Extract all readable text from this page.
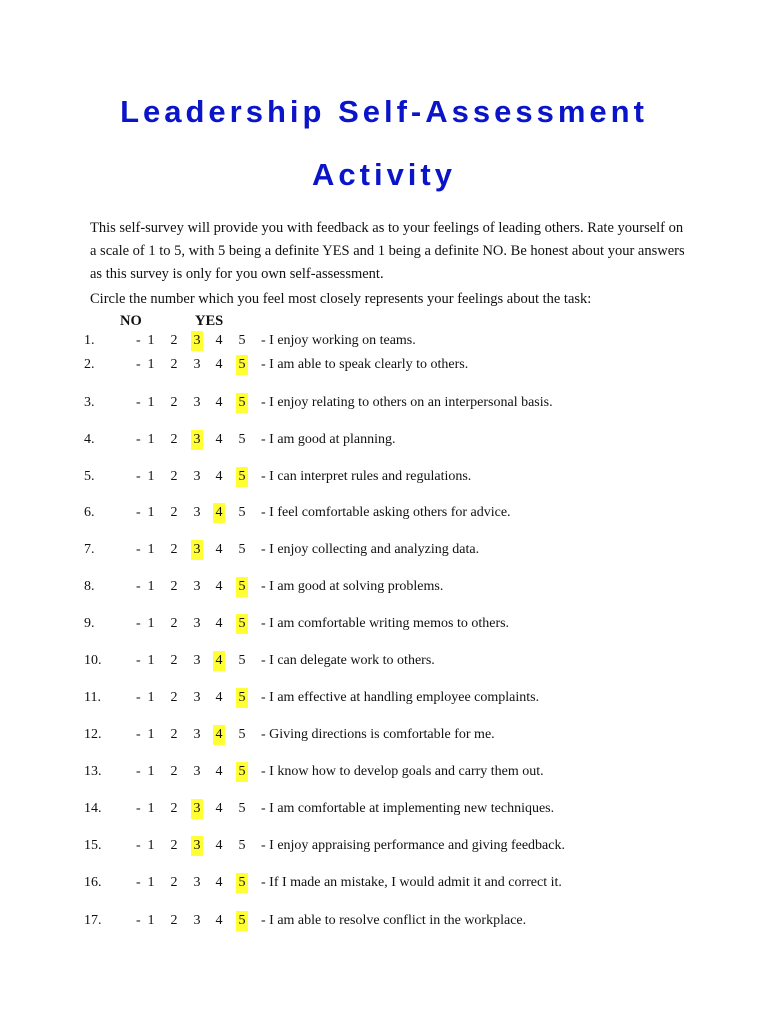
Leadership Self-Assessment
Activity

This self-survey will provide you with feedback as to your feelings of leading others. Rate yourself on a scale of 1 to 5, with 5 being a definite YES and 1 being a definite NO. Be honest about your answers as this survey is only for you own self-assessment.

Circle the number which you feel most closely represents your feelings about the task:

NO	YES
1.	- 1 2 3 4 5 - I enjoy working on teams.
2.	- 1 2 3 4 5 - I am able to speak clearly to others.
3.	- 1 2 3 4 5 - I enjoy relating to others on an interpersonal basis.
4.	- 1 2 3 4 5 - I am good at planning.
5.	- 1 2 3 4 5 - I can interpret rules and regulations.
6.	- 1 2 3 4 5 - I feel comfortable asking others for advice.
7.	- 1 2 3 4 5 - I enjoy collecting and analyzing data.
8.	- 1 2 3 4 5 - I am good at solving problems.
9.	- 1 2 3 4 5 - I am comfortable writing memos to others.
10. - 1 2 3 4 5 - I can delegate work to others.
11.	- 1 2 3 4 5 - I am effective at handling employee complaints.
12. - 1 2 3 4 5 - Giving directions is comfortable for me.
13. - 1 2 3 4 5 - I know how to develop goals and carry them out.
14. - 1 2 3 4 5 - I am comfortable at implementing new techniques.
15. - 1 2 3 4 5 - I enjoy appraising performance and giving feedback.
16. - 1 2 3 4 5 - If I made an mistake, I would admit it and correct it.
17. - 1 2 3 4 5 - I am able to resolve conflict in the workplace.
